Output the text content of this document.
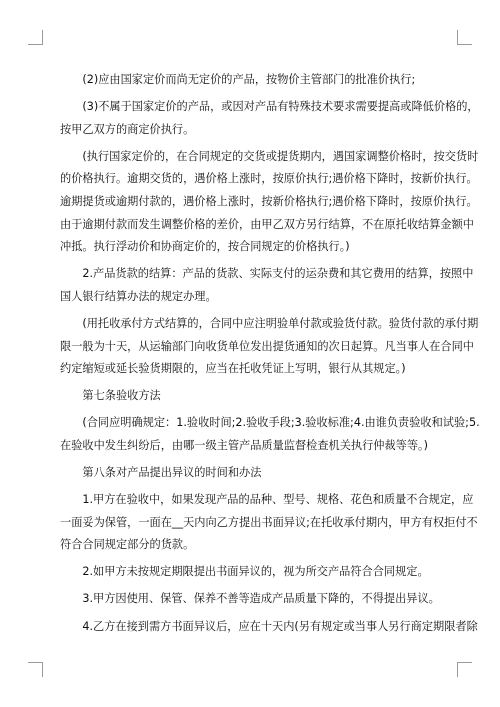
　　(2)应由国家定价而尚无定价的产品，按物价主管部门的批准价执行;

　　(3)不属于国家定价的产品，或因对产品有特殊技术要求需要提高或降低价格的，

按甲乙双方的商定价执行。

　　(执行国家定价的，在合同规定的交货或提货期内，遇国家调整价格时，按交货时

的价格执行。逾期交货的，遇价格上涨时，按原价执行;遇价格下降时，按新价执行。

逾期提货或逾期付款的，遇价格上涨时，按新价格执行;遇价格下降时，按原价执行。

由于逾期付款而发生调整价格的差价，由甲乙双方另行结算，不在原托收结算金额中

冲抵。执行浮动价和协商定价的，按合同规定的价格执行。)

　　2.产品货款的结算：产品的货款、实际支付的运杂费和其它费用的结算，按照中

国人银行结算办法的规定办理。

　　(用托收承付方式结算的，合同中应注明验单付款或验货付款。验货付款的承付期

限一般为十天，从运输部门向收货单位发出提货通知的次日起算。凡当事人在合同中

约定缩短或延长验货期限的，应当在托收凭证上写明，银行从其规定。)

　　第七条验收方法

　　(合同应明确规定：1.验收时间;2.验收手段;3.验收标准;4.由谁负责验收和试验;5.

在验收中发生纠纷后，由哪一级主管产品质量监督检查机关执行仲裁等等。)

　　第八条对产品提出异议的时间和办法

　　1.甲方在验收中，如果发现产品的品种、型号、规格、花色和质量不合规定，应

一面妥为保管，一面在__天内向乙方提出书面异议;在托收承付期内，甲方有权拒付不

符合合同规定部分的货款。

　　2.如甲方未按规定期限提出书面异议的，视为所交产品符合合同规定。

　　3.甲方因使用、保管、保养不善等造成产品质量下降的，不得提出异议。

　　4.乙方在接到需方书面异议后，应在十天内(另有规定或当事人另行商定期限者除
